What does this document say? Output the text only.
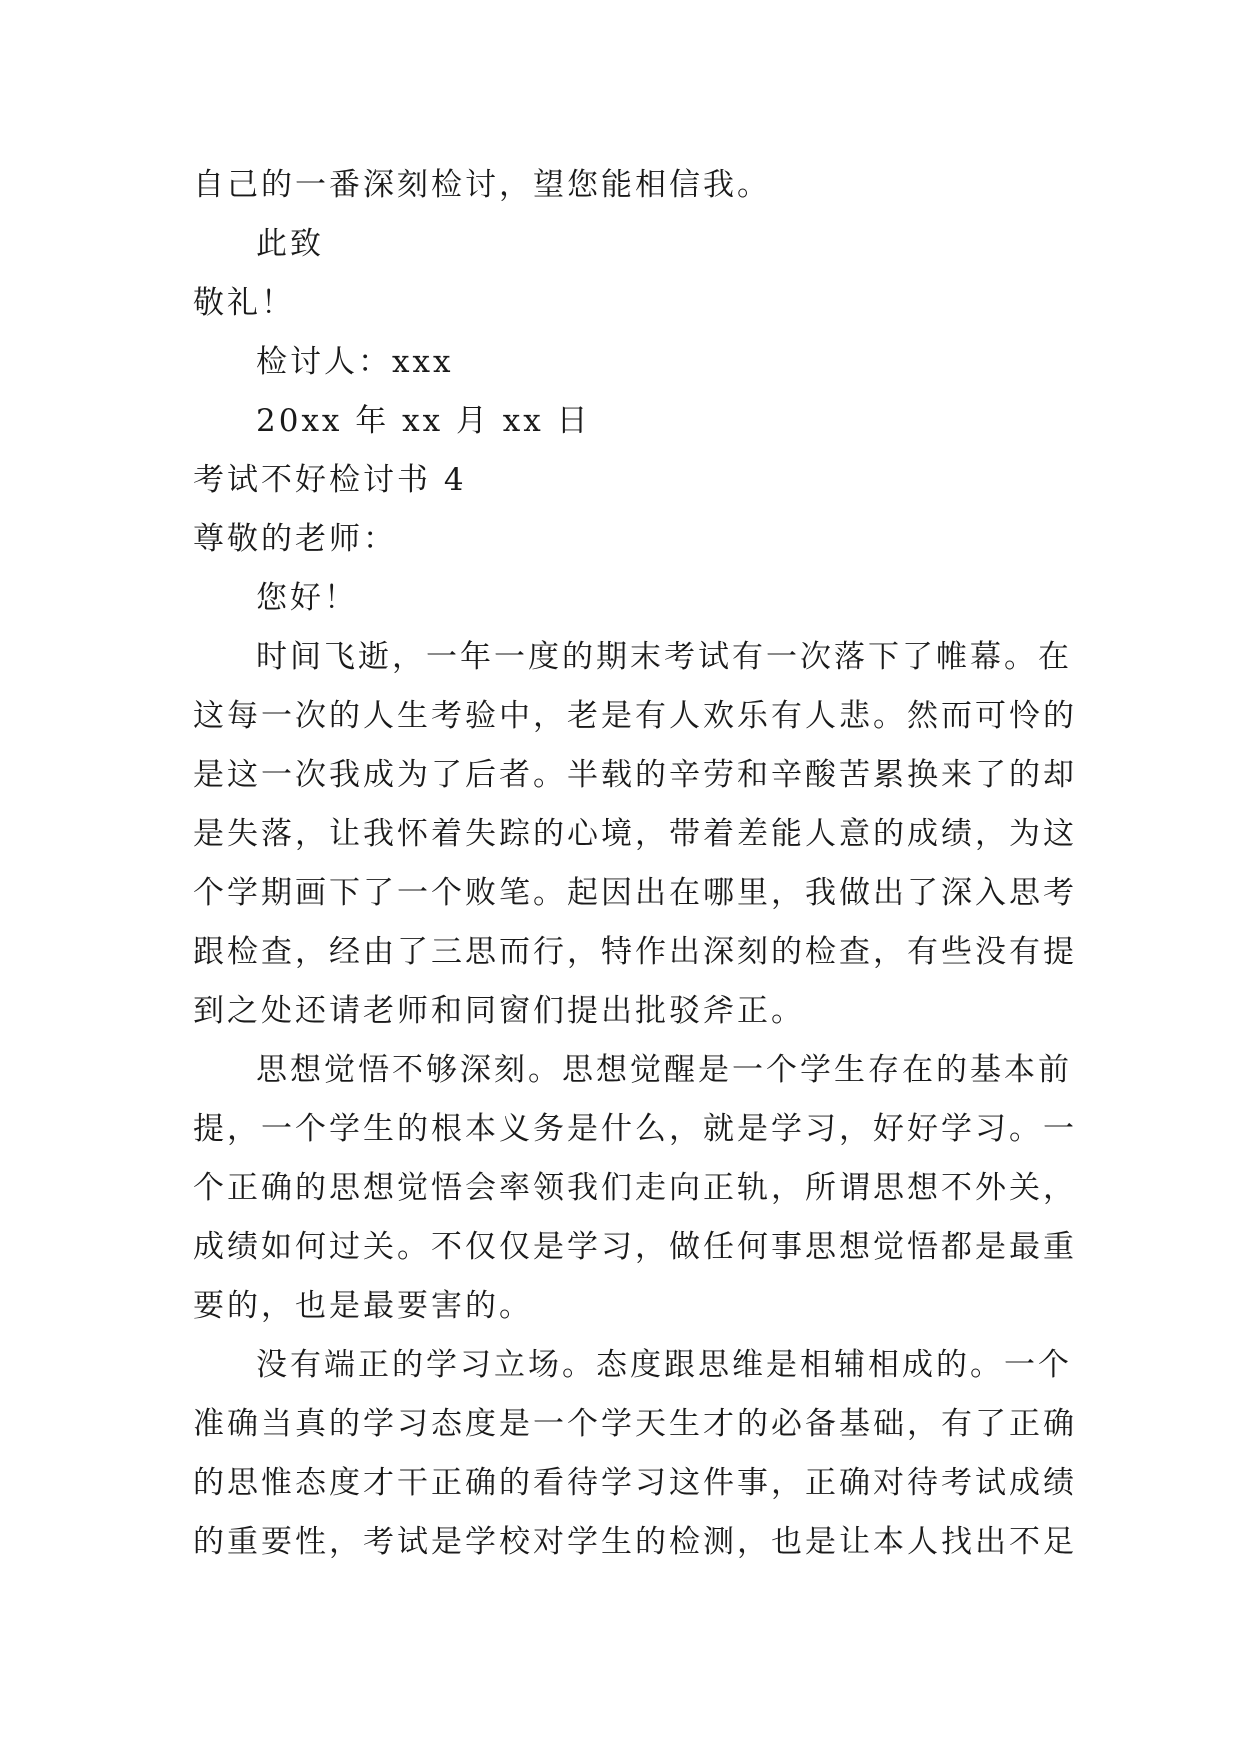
自己的一番深刻检讨，望您能相信我。
此致
敬礼！
检讨人：xxx
20xx 年 xx 月 xx 日
考试不好检讨书 4
尊敬的老师：
您好！
时间飞逝，一年一度的期末考试有一次落下了帷幕。在
这每一次的人生考验中，老是有人欢乐有人悲。然而可怜的
是这一次我成为了后者。半载的辛劳和辛酸苦累换来了的却
是失落，让我怀着失踪的心境，带着差能人意的成绩，为这
个学期画下了一个败笔。起因出在哪里，我做出了深入思考
跟检查，经由了三思而行，特作出深刻的检查，有些没有提
到之处还请老师和同窗们提出批驳斧正。
思想觉悟不够深刻。思想觉醒是一个学生存在的基本前
提，一个学生的根本义务是什么，就是学习，好好学习。一
个正确的思想觉悟会率领我们走向正轨，所谓思想不外关，
成绩如何过关。不仅仅是学习，做任何事思想觉悟都是最重
要的，也是最要害的。
没有端正的学习立场。态度跟思维是相辅相成的。一个
准确当真的学习态度是一个学天生才的必备基础，有了正确
的思惟态度才干正确的看待学习这件事，正确对待考试成绩
的重要性，考试是学校对学生的检测，也是让本人找出不足
